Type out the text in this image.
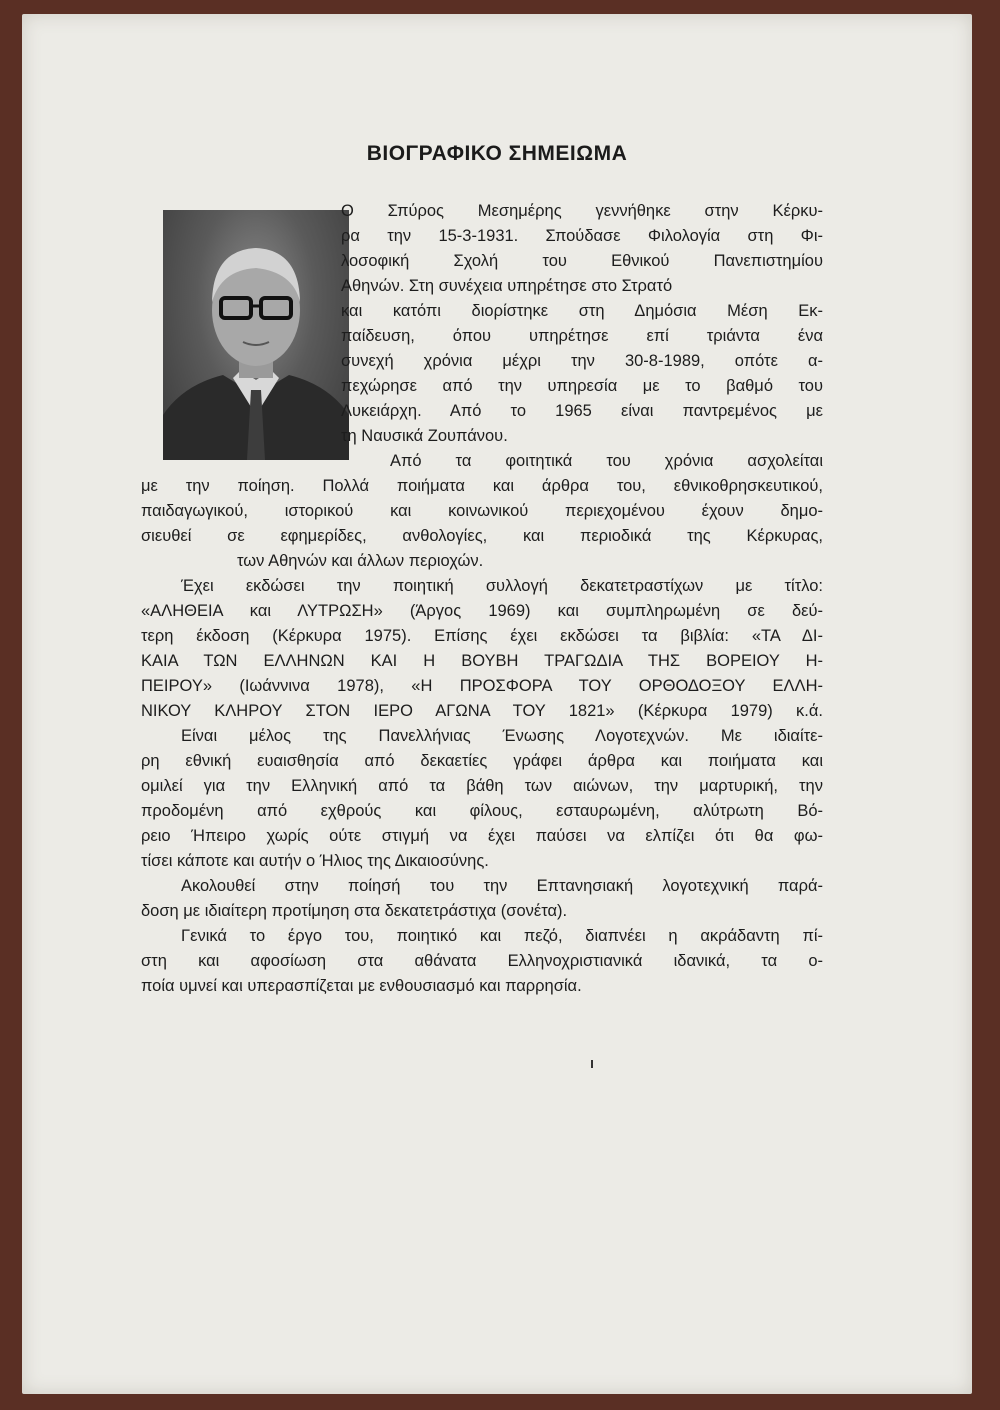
ΒΙΟΓΡΑΦΙΚΟ ΣΗΜΕΙΩΜΑ
Ο Σπύρος Μεσημέρης γεννήθηκε στην Κέρκυ-
ρα την 15-3-1931. Σπούδασε Φιλολογία στη Φι-
λοσοφική Σχολή του Εθνικού Πανεπιστημίου
Αθηνών. Στη συνέχεια υπηρέτησε στο Στρατό
και κατόπι διορίστηκε στη Δημόσια Μέση Εκ-
παίδευση, όπου υπηρέτησε επί τριάντα ένα
συνεχή χρόνια μέχρι την 30-8-1989, οπότε α-
πεχώρησε από την υπηρεσία με το βαθμό του
Λυκειάρχη. Από το 1965 είναι παντρεμένος με
τη Ναυσικά Ζουπάνου.
Από τα φοιτητικά του χρόνια ασχολείται
με την ποίηση. Πολλά ποιήματα και άρθρα του, εθνικοθρησκευτικού,
παιδαγωγικού, ιστορικού και κοινωνικού περιεχομένου έχουν δημο-
σιευθεί σε εφημερίδες, ανθολογίες, και περιοδικά της Κέρκυρας,
των Αθηνών και άλλων περιοχών.
Έχει εκδώσει την ποιητική συλλογή δεκατετραστίχων με τίτλο:
«ΑΛΗΘΕΙΑ και ΛΥΤΡΩΣΗ» (Άργος 1969) και συμπληρωμένη σε δεύ-
τερη έκδοση (Κέρκυρα 1975). Επίσης έχει εκδώσει τα βιβλία: «ΤΑ ΔΙ-
ΚΑΙΑ ΤΩΝ ΕΛΛΗΝΩΝ ΚΑΙ Η ΒΟΥΒΗ ΤΡΑΓΩΔΙΑ ΤΗΣ ΒΟΡΕΙΟΥ Η-
ΠΕΙΡΟΥ» (Ιωάννινα 1978), «Η ΠΡΟΣΦΟΡΑ ΤΟΥ ΟΡΘΟΔΟΞΟΥ ΕΛΛΗ-
ΝΙΚΟΥ ΚΛΗΡΟΥ ΣΤΟΝ ΙΕΡΟ ΑΓΩΝΑ ΤΟΥ 1821» (Κέρκυρα 1979) κ.ά.
Είναι μέλος της Πανελλήνιας Ένωσης Λογοτεχνών. Με ιδιαίτε-
ρη εθνική ευαισθησία από δεκαετίες γράφει άρθρα και ποιήματα και
ομιλεί για την Ελληνική από τα βάθη των αιώνων, την μαρτυρική, την
προδομένη από εχθρούς και φίλους, εσταυρωμένη, αλύτρωτη Βό-
ρειο Ήπειρο χωρίς ούτε στιγμή να έχει παύσει να ελπίζει ότι θα φω-
τίσει κάποτε και αυτήν ο Ήλιος της Δικαιοσύνης.
Ακολουθεί στην ποίησή του την Επτανησιακή λογοτεχνική παρά-
δοση με ιδιαίτερη προτίμηση στα δεκατετράστιχα (σονέτα).
Γενικά το έργο του, ποιητικό και πεζό, διαπνέει η ακράδαντη πί-
στη και αφοσίωση στα αθάνατα Ελληνοχριστιανικά ιδανικά, τα ο-
ποία υμνεί και υπερασπίζεται με ενθουσιασμό και παρρησία.
